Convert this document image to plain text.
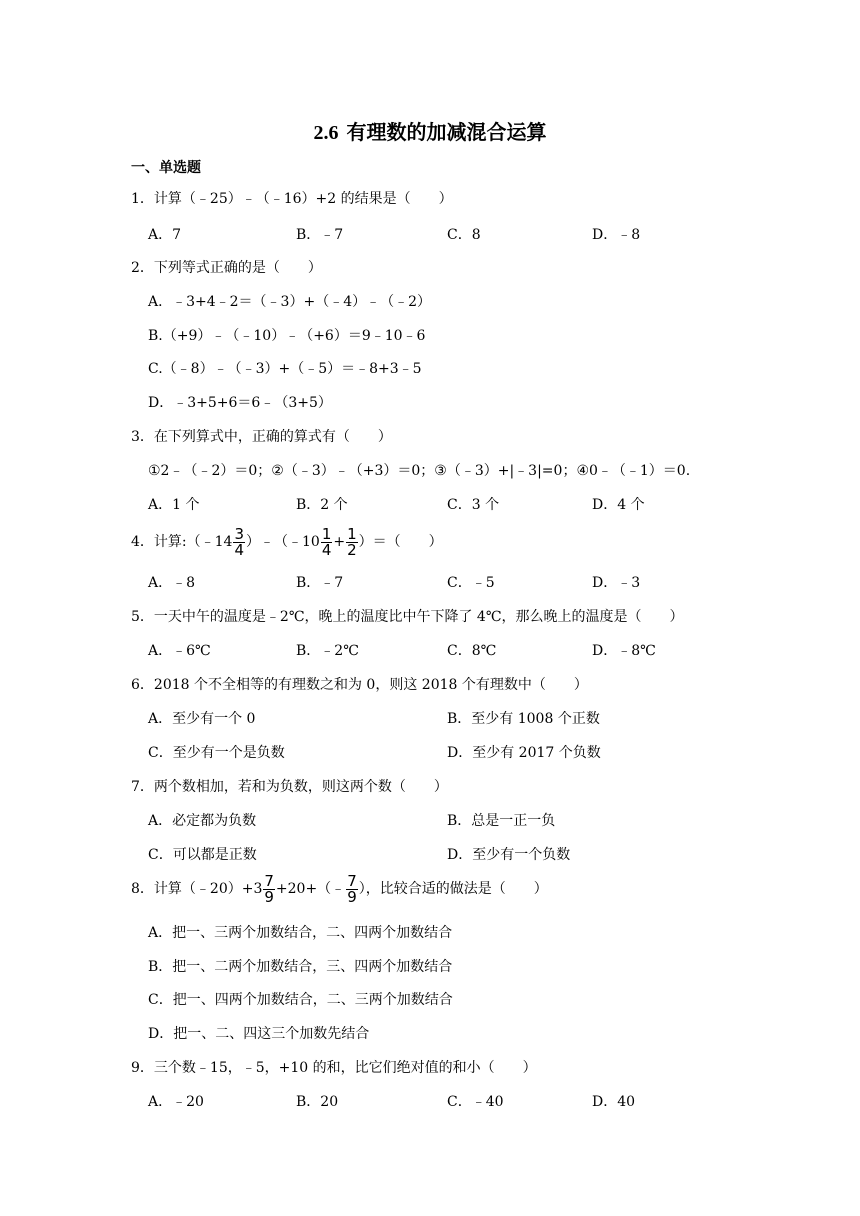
2.6 有理数的加减混合运算
一、单选题
1．计算（﹣25）﹣（﹣16）+2 的结果是（　　）
A．7	B．﹣7	C．8	D．﹣8
2．下列等式正确的是（　　）
A．﹣3+4﹣2＝（﹣3）+（﹣4）﹣（﹣2）
B.（+9）﹣（﹣10）﹣（+6）＝9﹣10﹣6
C.（﹣8）﹣（﹣3）+（﹣5）＝﹣8+3﹣5
D．﹣3+5+6＝6﹣（3+5）
3．在下列算式中，正确的算式有（　　）
①2﹣（﹣2）＝0；②（﹣3）﹣（+3）＝0；③（﹣3）+|﹣3|=0；④0﹣（﹣1）＝0.
A．1 个	B．2 个	C．3 个	D．4 个
4．计算:（﹣14 $\frac{3}{4}$ ）﹣（﹣10 $\frac{1}{4} + \frac{1}{2}$ ）＝（　　）
A．﹣8	B．﹣7	C．﹣5	D．﹣3
5．一天中午的温度是﹣2℃，晚上的温度比中午下降了 4℃，那么晚上的温度是（　　）
A．﹣6℃	B．﹣2℃	C．8℃	D．﹣8℃
6．2018 个不全相等的有理数之和为 0，则这 2018 个有理数中（　　）
A．至少有一个 0	B．至少有 1008 个正数
C．至少有一个是负数	D．至少有 2017 个负数
7．两个数相加，若和为负数，则这两个数（　　）
A．必定都为负数	B．总是一正一负
C．可以都是正数	D．至少有一个负数
8．计算（﹣20）+3 $\frac{7}{9}$ +20+（﹣ $\frac{7}{9}$ ），比较合适的做法是（　　）
A．把一、三两个加数结合，二、四两个加数结合
B．把一、二两个加数结合，三、四两个加数结合
C．把一、四两个加数结合，二、三两个加数结合
D．把一、二、四这三个加数先结合
9．三个数﹣15，﹣5，+10 的和，比它们绝对值的和小（　　）
A．﹣20	B．20	C．﹣40	D．40
